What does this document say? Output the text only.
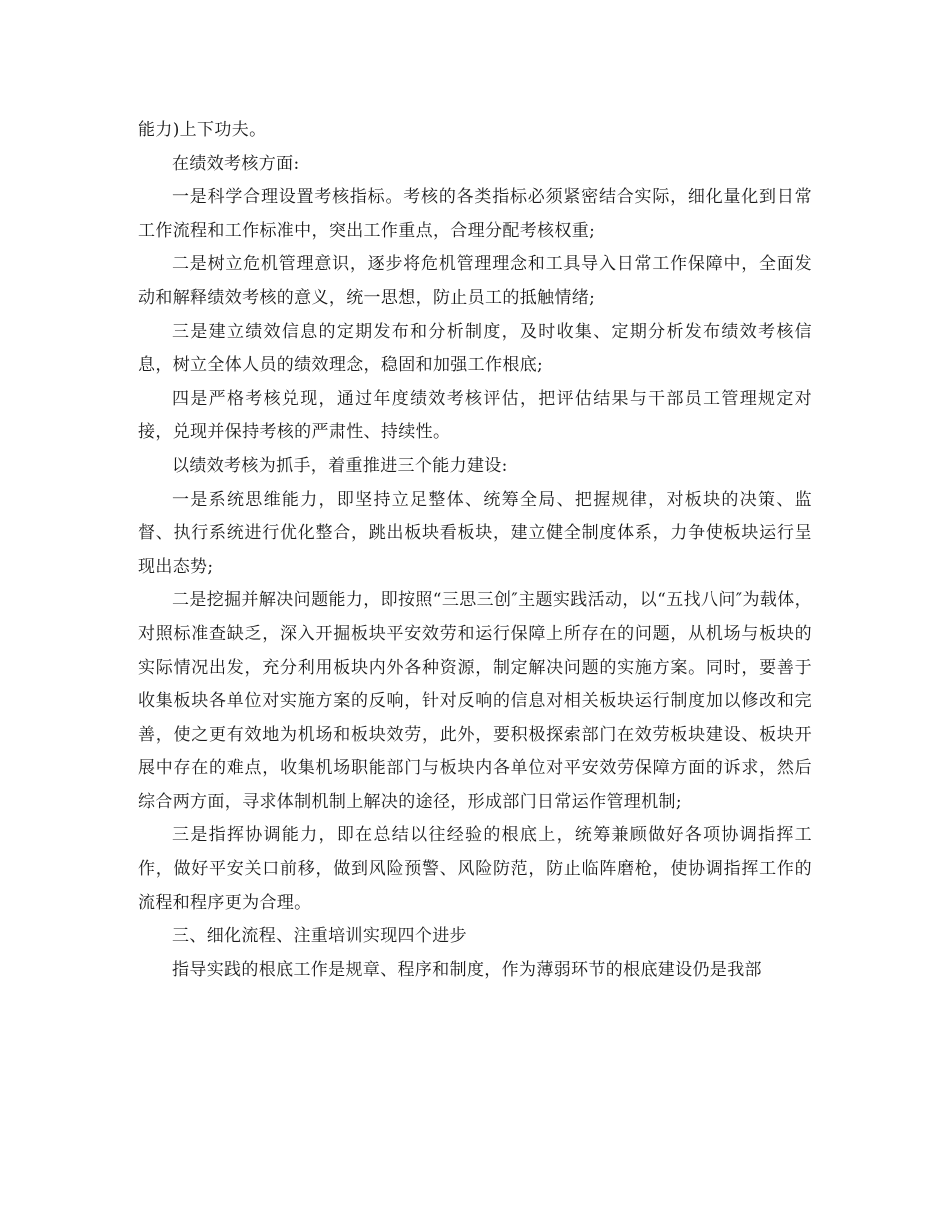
能力)上下功夫。

在绩效考核方面:

一是科学合理设置考核指标。考核的各类指标必须紧密结合实际，细化量化到日常工作流程和工作标准中，突出工作重点，合理分配考核权重;

二是树立危机管理意识，逐步将危机管理理念和工具导入日常工作保障中，全面发动和解释绩效考核的意义，统一思想，防止员工的抵触情绪;

三是建立绩效信息的定期发布和分析制度，及时收集、定期分析发布绩效考核信息，树立全体人员的绩效理念，稳固和加强工作根底;

四是严格考核兑现，通过年度绩效考核评估，把评估结果与干部员工管理规定对接，兑现并保持考核的严肃性、持续性。

以绩效考核为抓手，着重推进三个能力建设:

一是系统思维能力，即坚持立足整体、统筹全局、把握规律，对板块的决策、监督、执行系统进行优化整合，跳出板块看板块，建立健全制度体系，力争使板块运行呈现出态势;

二是挖掘并解决问题能力，即按照“三思三创″主题实践活动，以“五找八问″为载体，对照标准查缺乏，深入开掘板块平安效劳和运行保障上所存在的问题，从机场与板块的实际情况出发，充分利用板块内外各种资源，制定解决问题的实施方案。同时，要善于收集板块各单位对实施方案的反响，针对反响的信息对相关板块运行制度加以修改和完善，使之更有效地为机场和板块效劳，此外，要积极探索部门在效劳板块建设、板块开展中存在的难点，收集机场职能部门与板块内各单位对平安效劳保障方面的诉求，然后综合两方面，寻求体制机制上解决的途径，形成部门日常运作管理机制;

三是指挥协调能力，即在总结以往经验的根底上，统筹兼顾做好各项协调指挥工作，做好平安关口前移，做到风险预警、风险防范，防止临阵磨枪，使协调指挥工作的流程和程序更为合理。

三、细化流程、注重培训实现四个进步

指导实践的根底工作是规章、程序和制度，作为薄弱环节的根底建设仍是我部
